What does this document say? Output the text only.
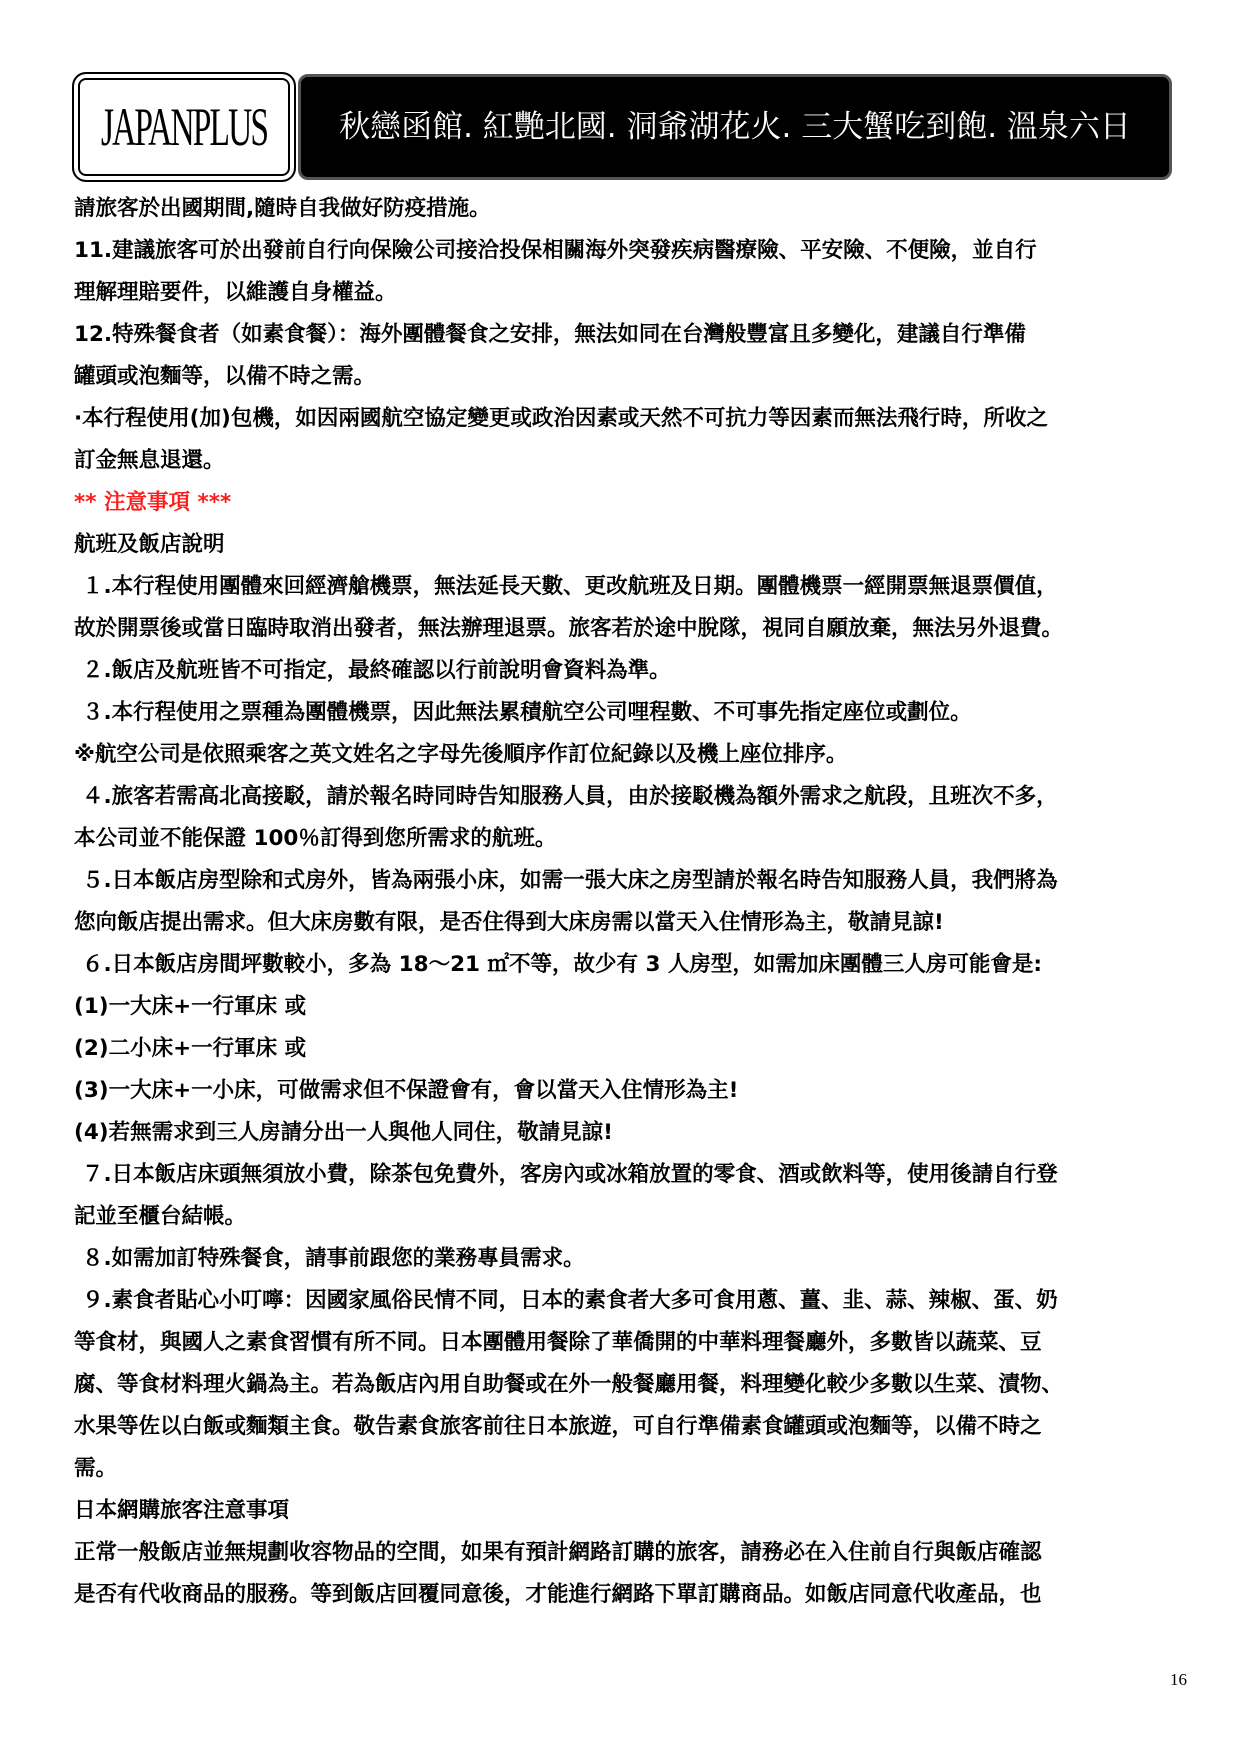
JAPANPLUS	秋戀函館. 紅艷北國. 洞爺湖花火. 三大蟹吃到飽. 溫泉六日

請旅客於出國期間,隨時自我做好防疫措施。

11.建議旅客可於出發前自行向保險公司接洽投保相關海外突發疾病醫療險、平安險、不便險，並自行

理解理賠要件，以維護自身權益。

12.特殊餐食者（如素食餐）：海外團體餐食之安排，無法如同在台灣般豐富且多變化，建議自行準備

罐頭或泡麵等，以備不時之需。

·本行程使用(加)包機，如因兩國航空協定變更或政治因素或天然不可抗力等因素而無法飛行時，所收之

訂金無息退還。

** 注意事項 ***

航班及飯店說明

１.本行程使用團體來回經濟艙機票，無法延長天數、更改航班及日期。團體機票一經開票無退票價值，

故於開票後或當日臨時取消出發者，無法辦理退票。旅客若於途中脫隊，視同自願放棄，無法另外退費。

２.飯店及航班皆不可指定，最終確認以行前說明會資料為準。

３.本行程使用之票種為團體機票，因此無法累積航空公司哩程數、不可事先指定座位或劃位。

※航空公司是依照乘客之英文姓名之字母先後順序作訂位紀錄以及機上座位排序。

４.旅客若需高北高接駁，請於報名時同時告知服務人員，由於接駁機為額外需求之航段，且班次不多，

本公司並不能保證 100％訂得到您所需求的航班。

５.日本飯店房型除和式房外，皆為兩張小床，如需一張大床之房型請於報名時告知服務人員，我們將為

您向飯店提出需求。但大床房數有限，是否住得到大床房需以當天入住情形為主，敬請見諒!

６.日本飯店房間坪數較小，多為 18～21 ㎡不等，故少有 3 人房型，如需加床團體三人房可能會是:

(1)一大床+一行軍床 或

(2)二小床+一行軍床 或

(3)一大床+一小床，可做需求但不保證會有，會以當天入住情形為主!

(4)若無需求到三人房請分出一人與他人同住，敬請見諒!

７.日本飯店床頭無須放小費，除茶包免費外，客房內或冰箱放置的零食、酒或飲料等，使用後請自行登

記並至櫃台結帳。

８.如需加訂特殊餐食，請事前跟您的業務專員需求。

９.素食者貼心小叮嚀：因國家風俗民情不同，日本的素食者大多可食用蔥、薑、韭、蒜、辣椒、蛋、奶

等食材，與國人之素食習慣有所不同。日本團體用餐除了華僑開的中華料理餐廳外，多數皆以蔬菜、豆

腐、等食材料理火鍋為主。若為飯店內用自助餐或在外一般餐廳用餐，料理變化較少多數以生菜、漬物、

水果等佐以白飯或麵類主食。敬告素食旅客前往日本旅遊，可自行準備素食罐頭或泡麵等，以備不時之

需。

日本網購旅客注意事項

正常一般飯店並無規劃收容物品的空間，如果有預計網路訂購的旅客，請務必在入住前自行與飯店確認

是否有代收商品的服務。等到飯店回覆同意後，才能進行網路下單訂購商品。如飯店同意代收產品，也

16
